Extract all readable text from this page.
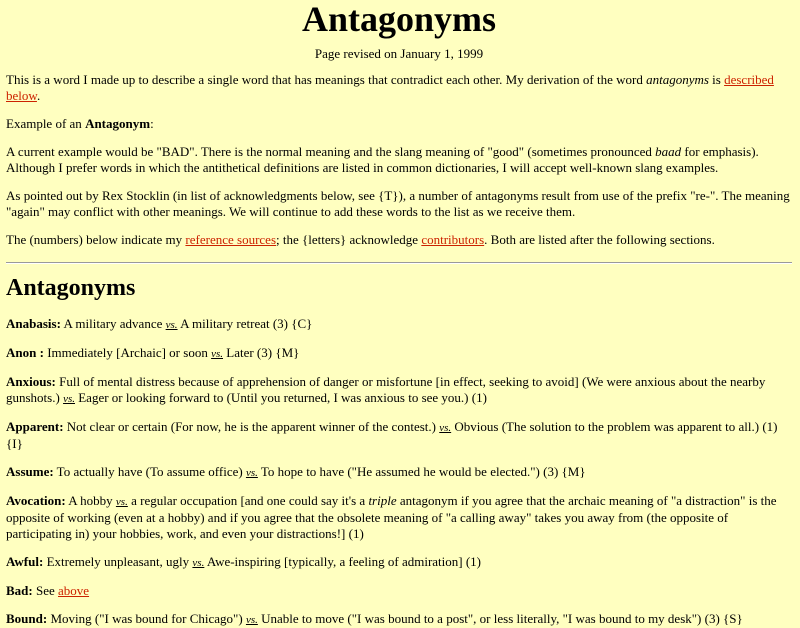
Antagonyms
Page revised on January 1, 1999

This is a word I made up to describe a single word that has meanings that contradict each other. My derivation of the word antagonyms is described below.

Example of an Antagonym:

A current example would be "BAD". There is the normal meaning and the slang meaning of "good" (sometimes pronounced baad for emphasis). Although I prefer words in which the antithetical definitions are listed in common dictionaries, I will accept well-known slang examples.

As pointed out by Rex Stocklin (in list of acknowledgments below, see {T}), a number of antagonyms result from use of the prefix "re-". The meaning "again" may conflict with other meanings. We will continue to add these words to the list as we receive them.

The (numbers) below indicate my reference sources; the {letters} acknowledge contributors. Both are listed after the following sections.

Antagonyms
Anabasis: A military advance vs. A military retreat (3) {C}
Anon : Immediately [Archaic] or soon vs. Later (3) {M}
Anxious: Full of mental distress because of apprehension of danger or misfortune [in effect, seeking to avoid] (We were anxious about the nearby gunshots.) vs. Eager or looking forward to (Until you returned, I was anxious to see you.) (1)
Apparent: Not clear or certain (For now, he is the apparent winner of the contest.) vs. Obvious (The solution to the problem was apparent to all.) (1) {I}
Assume: To actually have (To assume office) vs. To hope to have ("He assumed he would be elected.") (3) {M}
Avocation: A hobby vs. a regular occupation [and one could say it's a triple antagonym if you agree that the archaic meaning of "a distraction" is the opposite of working (even at a hobby) and if you agree that the obsolete meaning of "a calling away" takes you away from (the opposite of participating in) your hobbies, work, and even your distractions!] (1)
Awful: Extremely unpleasant, ugly vs. Awe-inspiring [typically, a feeling of admiration] (1)
Bad: See above
Bound: Moving ("I was bound for Chicago") vs. Unable to move ("I was bound to a post", or less literally, "I was bound to my desk") (3) {S}
